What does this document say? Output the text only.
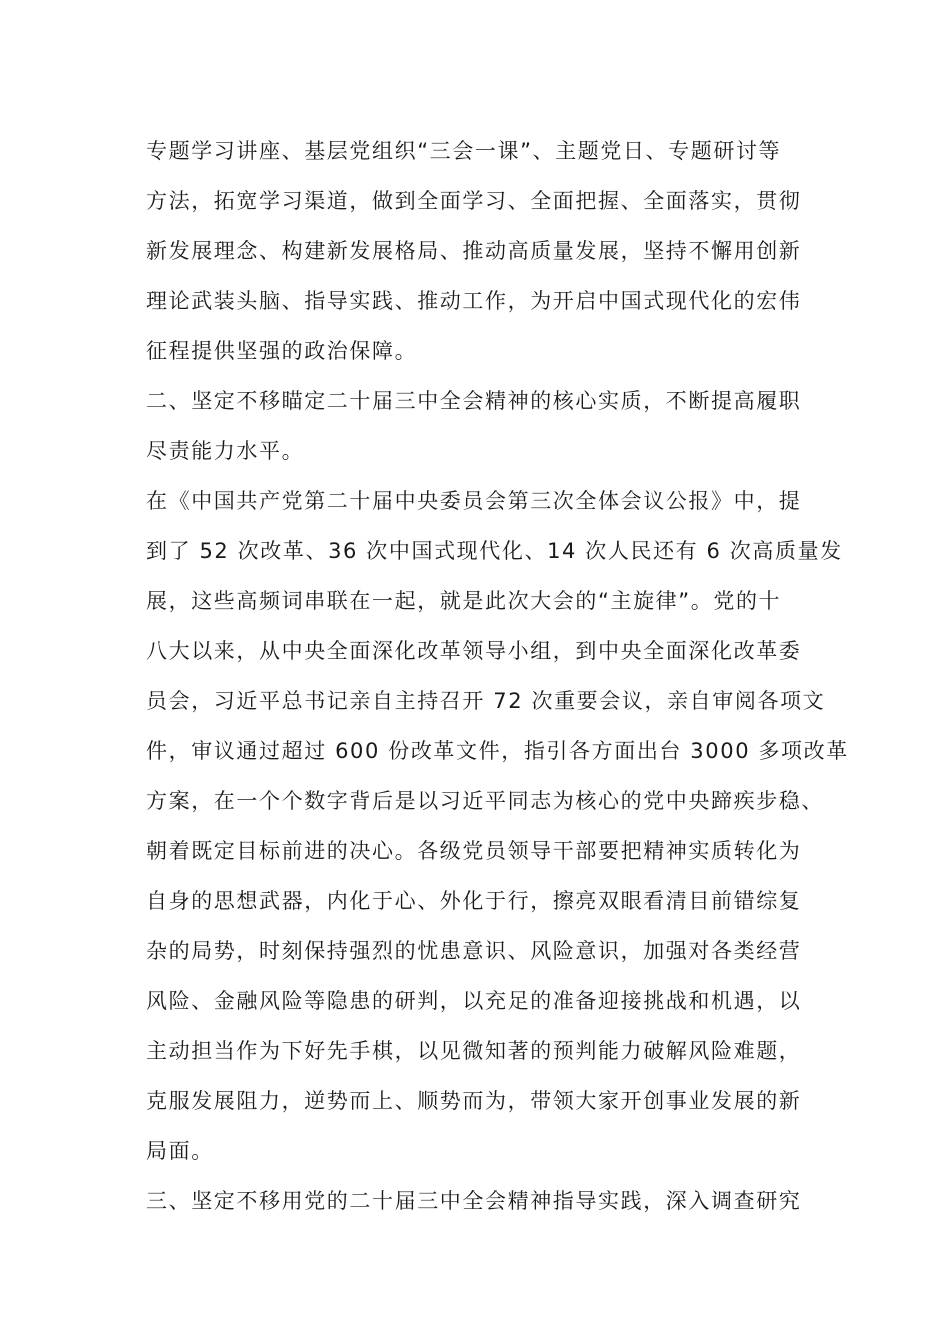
专题学习讲座、基层党组织“三会一课”、主题党日、专题研讨等
方法，拓宽学习渠道，做到全面学习、全面把握、全面落实，贯彻
新发展理念、构建新发展格局、推动高质量发展，坚持不懈用创新
理论武装头脑、指导实践、推动工作，为开启中国式现代化的宏伟
征程提供坚强的政治保障。
二、坚定不移瞄定二十届三中全会精神的核心实质，不断提高履职
尽责能力水平。
在《中国共产党第二十届中央委员会第三次全体会议公报》中，提
到了 52 次改革、36 次中国式现代化、14 次人民还有 6 次高质量发
展，这些高频词串联在一起，就是此次大会的“主旋律”。党的十
八大以来，从中央全面深化改革领导小组，到中央全面深化改革委
员会，习近平总书记亲自主持召开 72 次重要会议，亲自审阅各项文
件，审议通过超过 600 份改革文件，指引各方面出台 3000 多项改革
方案，在一个个数字背后是以习近平同志为核心的党中央蹄疾步稳、
朝着既定目标前进的决心。各级党员领导干部要把精神实质转化为
自身的思想武器，内化于心、外化于行，擦亮双眼看清目前错综复
杂的局势，时刻保持强烈的忧患意识、风险意识，加强对各类经营
风险、金融风险等隐患的研判，以充足的准备迎接挑战和机遇，以
主动担当作为下好先手棋，以见微知著的预判能力破解风险难题，
克服发展阻力，逆势而上、顺势而为，带领大家开创事业发展的新
局面。
三、坚定不移用党的二十届三中全会精神指导实践，深入调查研究
